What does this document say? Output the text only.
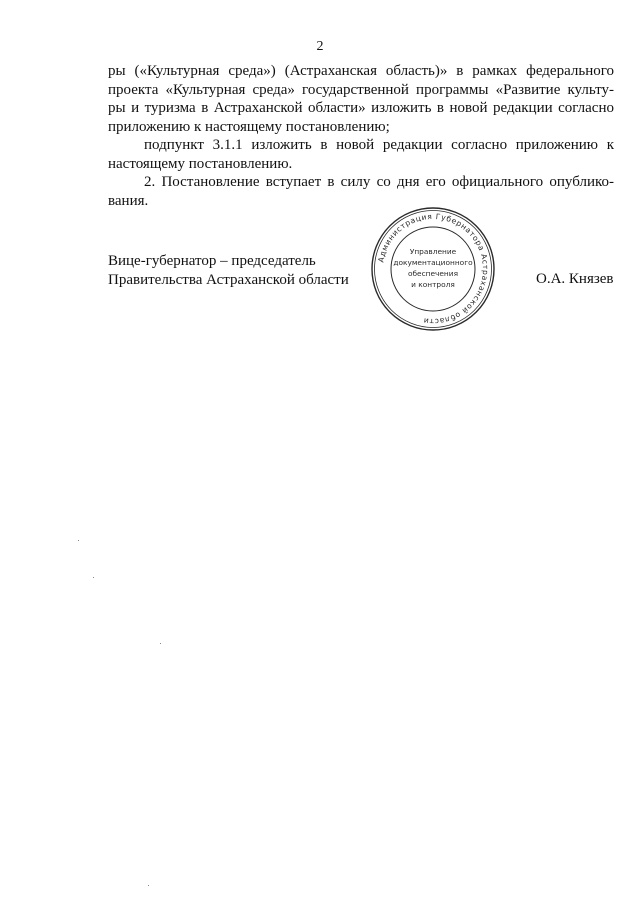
2

ры («Культурная среда») (Астраханская область)» в рамках федерального проекта «Культурная среда» государственной программы «Развитие культу- ры и туризма в Астраханской области» изложить в новой редакции согласно приложению к настоящему постановлению;

подпункт 3.1.1 изложить в новой редакции согласно приложению к настоящему постановлению.

2. Постановление вступает в силу со дня его официального опублико- вания.

Вице-губернатор – председатель
Правительства Астраханской области
Администрация Губернатора Астраханской области
Управление
документационного
обеспечения
и контроля	О.А. Князев
